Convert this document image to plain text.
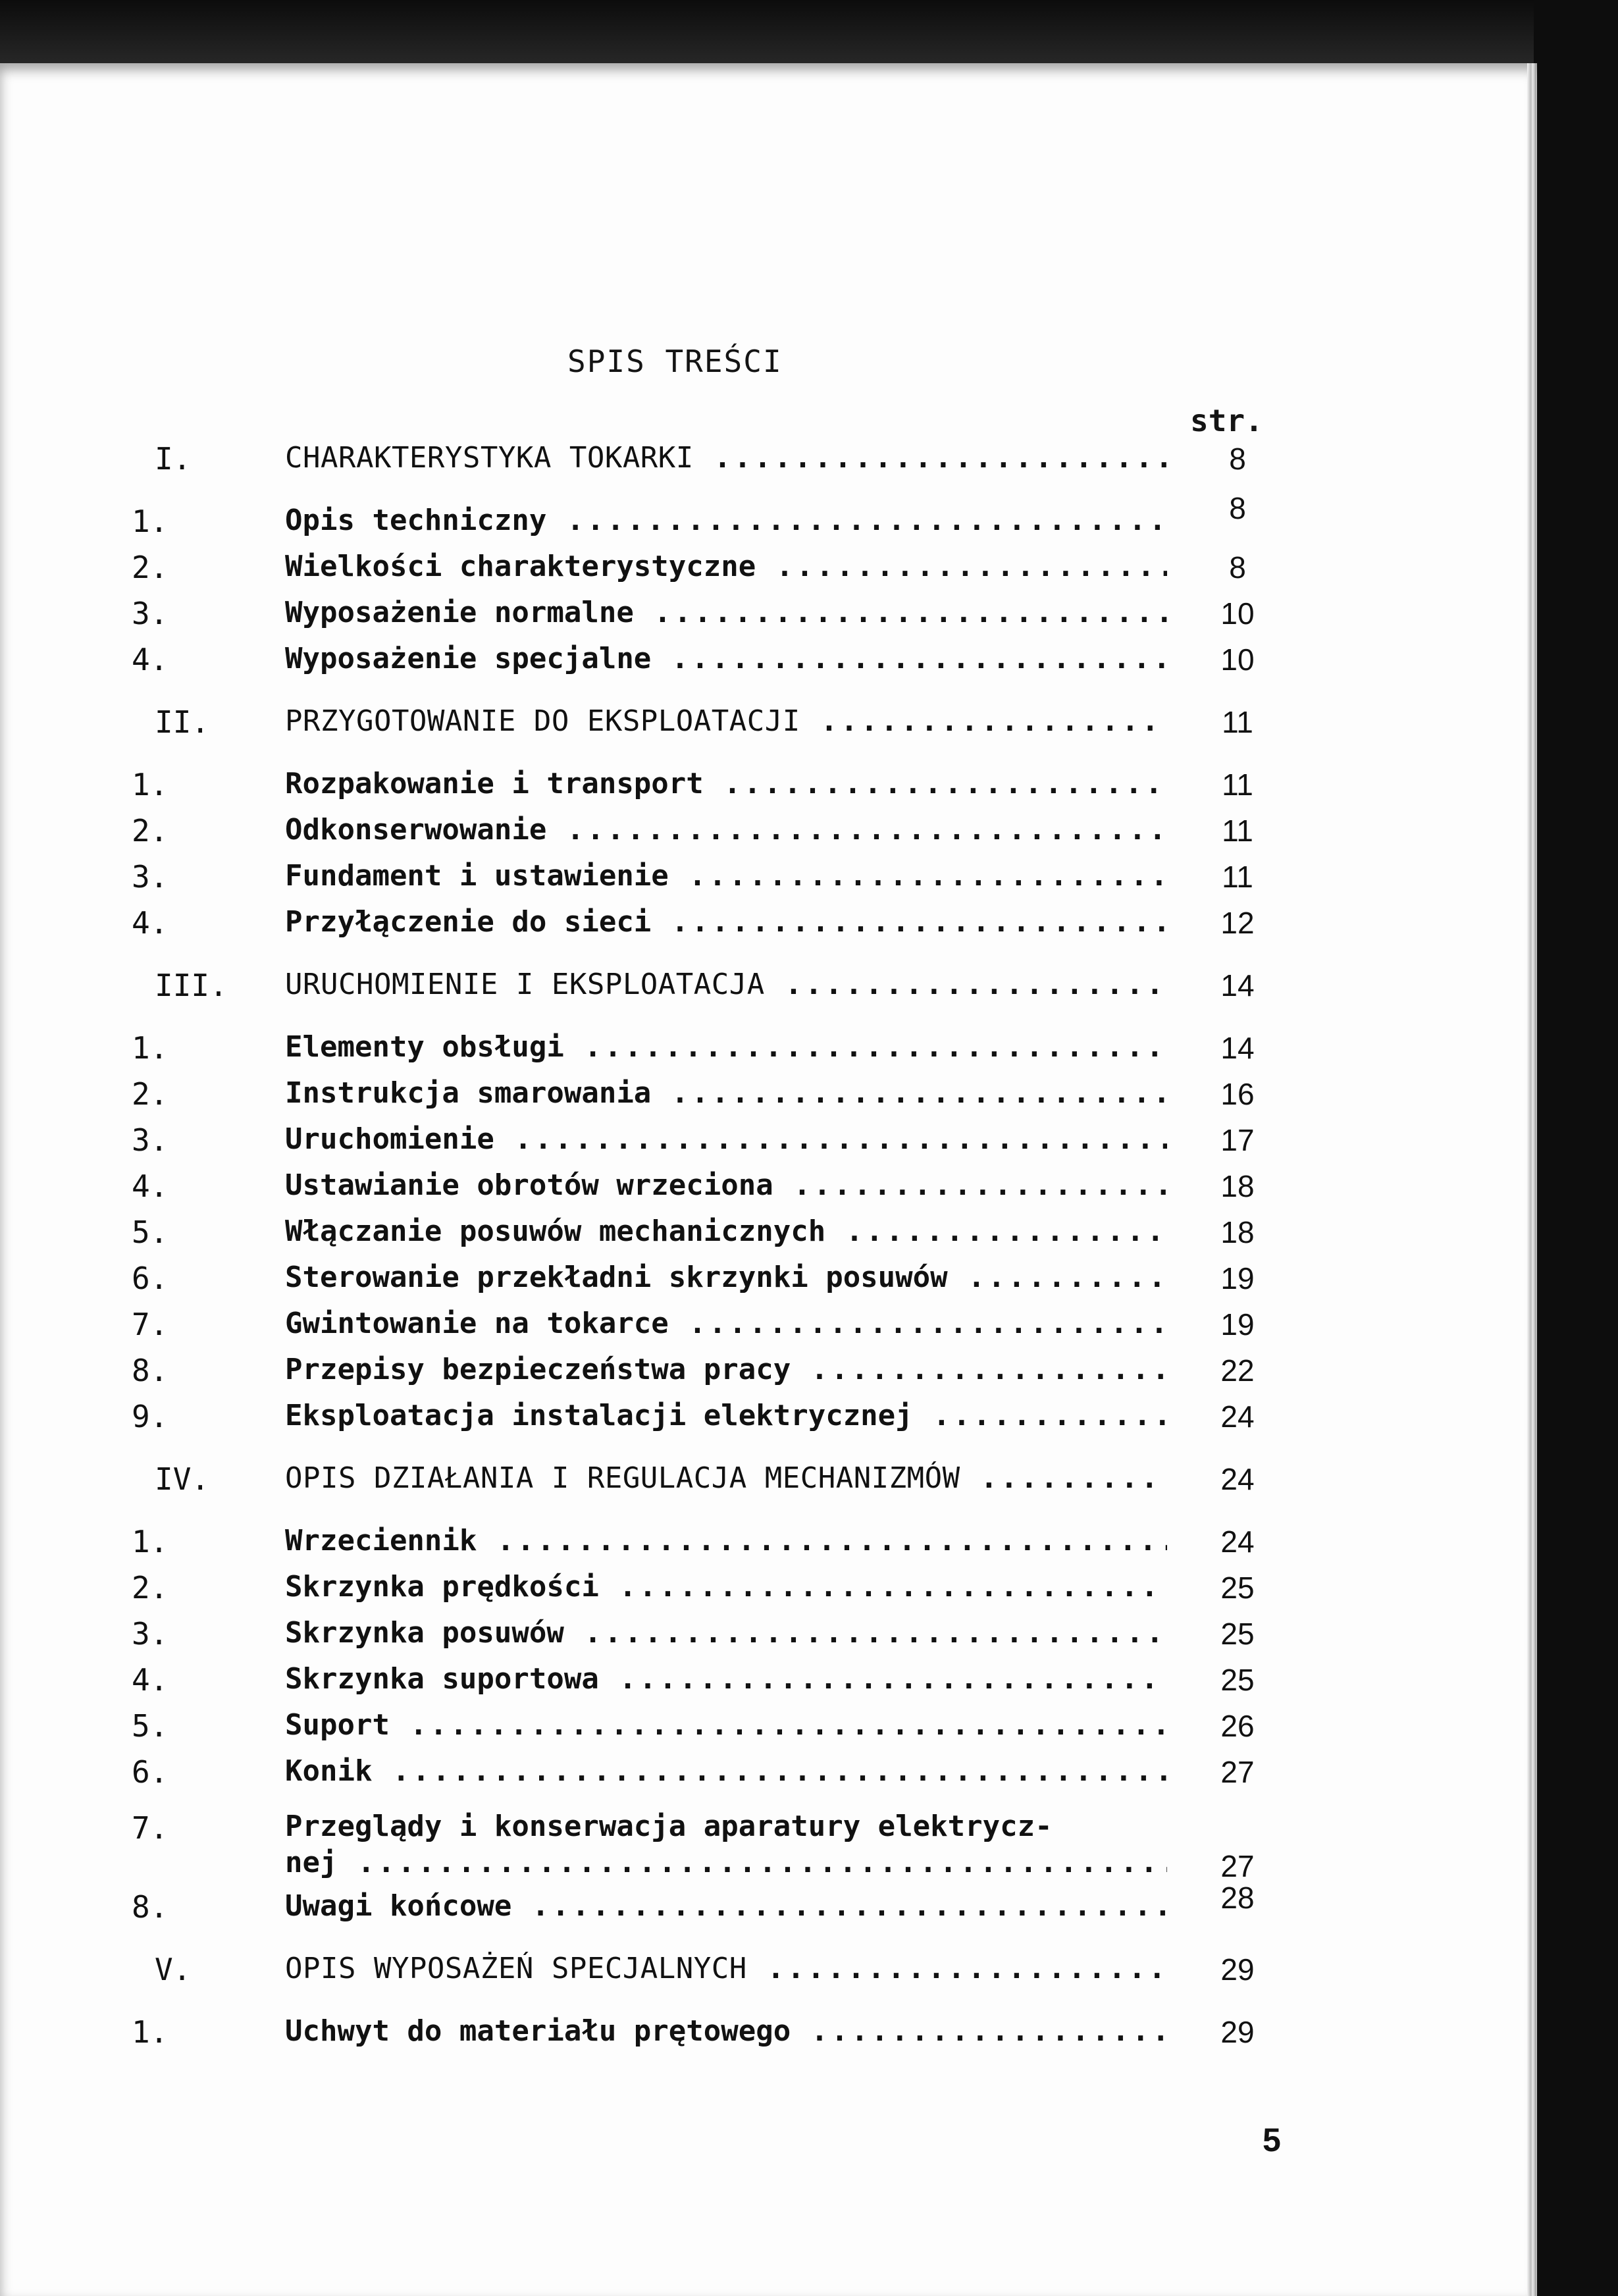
SPIS TREŚCI
str.
I.	CHARAKTERYSTYKA TOKARKI .....	8
1.	Opis techniczny .....	8
2.	Wielkości charakterystyczne .....	8
3.	Wyposażenie normalne .....	10
4.	Wyposażenie specjalne .....	10
II.	PRZYGOTOWANIE DO EKSPLOATACJI .....	11
1.	Rozpakowanie i transport .....	11
2.	Odkonserwowanie .....	11
3.	Fundament i ustawienie .....	11
4.	Przyłączenie do sieci .....	12
III. URUCHOMIENIE I EKSPLOATACJA .....	14
1.	Elementy obsługi .....	14
2.	Instrukcja smarowania .....	16
3.	Uruchomienie .....	17
4.	Ustawianie obrotów wrzeciona .....	18
5.	Włączanie posuwów mechanicznych .....	18
6.	Sterowanie przekładni skrzynki posuwów .....	19
7.	Gwintowanie na tokarce .....	19
8.	Przepisy bezpieczeństwa pracy .....	22
9.	Eksploatacja instalacji elektrycznej .....	24
IV.	OPIS DZIAŁANIA I REGULACJA MECHANIZMÓW .....	24
1.	Wrzeciennik .....	24
2.	Skrzynka prędkości .....	25
3.	Skrzynka posuwów .....	25
4.	Skrzynka suportowa .....	25
5.	Suport .....	26
6.	Konik .....	27
7.	Przeglądy i konserwacja aparatury elektrycz-
nej .....	27
8.	Uwagi końcowe .....	28
V.	OPIS WYPOSAŻEŃ SPECJALNYCH .....	29
1.	Uchwyt do materiału prętowego .....	29
5
